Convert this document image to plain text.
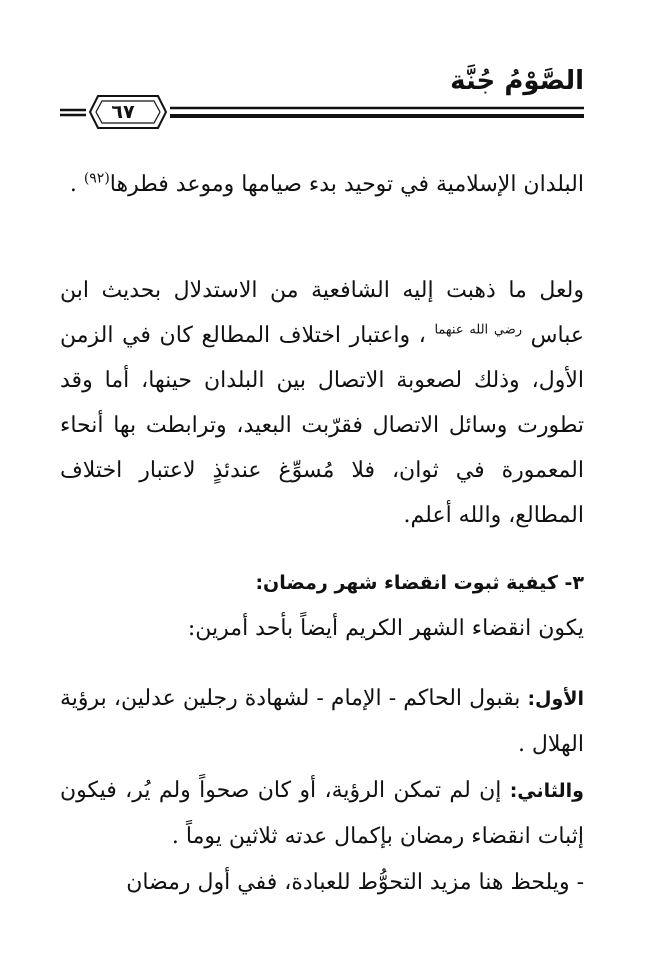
الصَّوْمُ جُنَّة
٦٧

البلدان الإسلامية في توحيد بدء صيامها وموعد فطرها$^{(٩٢)}$ .

ولعل ما ذهبت إليه الشافعية من الاستدلال بحديث ابن عباس $^{رضي الله عنهما}$ ، واعتبار اختلاف المطالع كان في الزمن الأول، وذلك لصعوبة الاتصال بين البلدان حينها، أما وقد تطورت وسائل الاتصال فقرّبت البعيد، وترابطت بها أنحاء المعمورة في ثوان، فلا مُسوِّغ عندئذٍ لاعتبار اختلاف المطالع، والله أعلم.

٣- كيفية ثبوت انقضاء شهر رمضان:

يكون انقضاء الشهر الكريم أيضاً بأحد أمرين:

الأول: بقبول الحاكم - الإمام - لشهادة رجلين عدلين، برؤية الهلال .

والثاني: إن لم تمكن الرؤية، أو كان صحواً ولم يُر، فيكون إثبات انقضاء رمضان بإكمال عدته ثلاثين يوماً .

- ويلحظ هنا مزيد التحوُّط للعبادة، ففي أول رمضان
